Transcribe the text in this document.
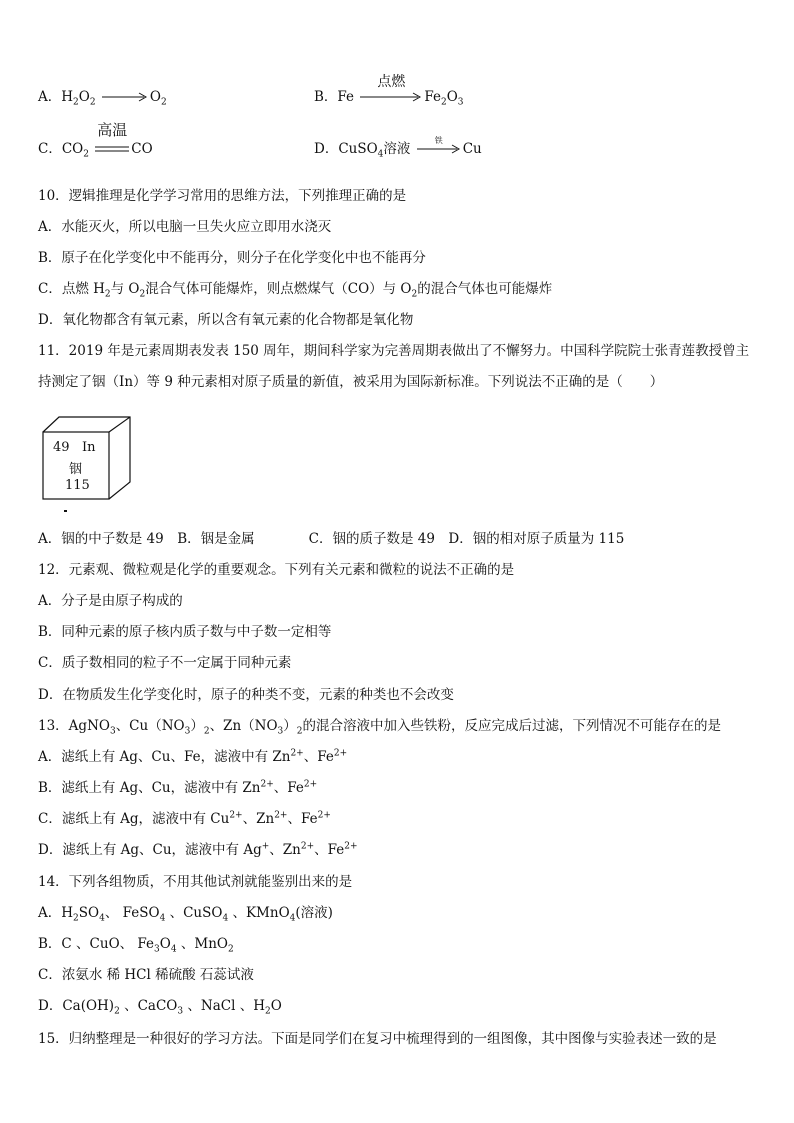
A．$H_2O_2 \to O_2$	B．Fe
点燃
$Fe_2O_3$
C．$CO_2$
高温
CO	D．CuSO$_4$溶液
铁
Cu
10．逻辑推理是化学学习常用的思维方法，下列推理正确的是
A．水能灭火，所以电脑一旦失火应立即用水浇灭
B．原子在化学变化中不能再分，则分子在化学变化中也不能再分
C．点燃 $H_2$与 $O_2$混合气体可能爆炸，则点燃煤气（CO）与 $O_2$的混合气体也可能爆炸
D．氧化物都含有氧元素，所以含有氧元素的化合物都是氧化物
11．2019 年是元素周期表发表 150 周年，期间科学家为完善周期表做出了不懈努力。中国科学院院士张青莲教授曾主
持测定了铟（In）等 9 种元素相对原子质量的新值，被采用为国际新标准。下列说法不正确的是（　　）
49 In
铟
115
A．铟的中子数是 49　B．铟是金属　　　　C．铟的质子数是 49　D．铟的相对原子质量为 115
12．元素观、微粒观是化学的重要观念。下列有关元素和微粒的说法不正确的是
A．分子是由原子构成的
B．同种元素的原子核内质子数与中子数一定相等
C．质子数相同的粒子不一定属于同种元素
D．在物质发生化学变化时，原子的种类不变，元素的种类也不会改变
13．AgNO$_3$、$Cu(NO_3)_2$、$Zn(NO_3)_2$的混合溶液中加入些铁粉，反应完成后过滤，下列情况不可能存在的是
A．滤纸上有 Ag、Cu、Fe，滤液中有 $Zn^{2+}$、$Fe^{2+}$
B．滤纸上有 Ag、Cu，滤液中有 $Zn^{2+}$、$Fe^{2+}$
C．滤纸上有 Ag，滤液中有 $Cu^{2+}$、$Zn^{2+}$、$Fe^{2+}$
D．滤纸上有 Ag、Cu，滤液中有 Ag+、$Zn^{2+}$、$Fe^{2+}$
14．下列各组物质，不用其他试剂就能鉴别出来的是
A．$H_2SO_4$、 FeSO$_4$ 、CuSO$_4$ 、KMnO$_4$(溶液)
B．C 、CuO、 $Fe_3O_4$ 、MnO$_2$
C．浓氨水 稀 HCl 稀硫酸 石蕊试液
D．$Ca(OH)_2$ 、CaCO$_3$ 、NaCl 、$H_2O$
15．归纳整理是一种很好的学习方法。下面是同学们在复习中梳理得到的一组图像，其中图像与实验表述一致的是
